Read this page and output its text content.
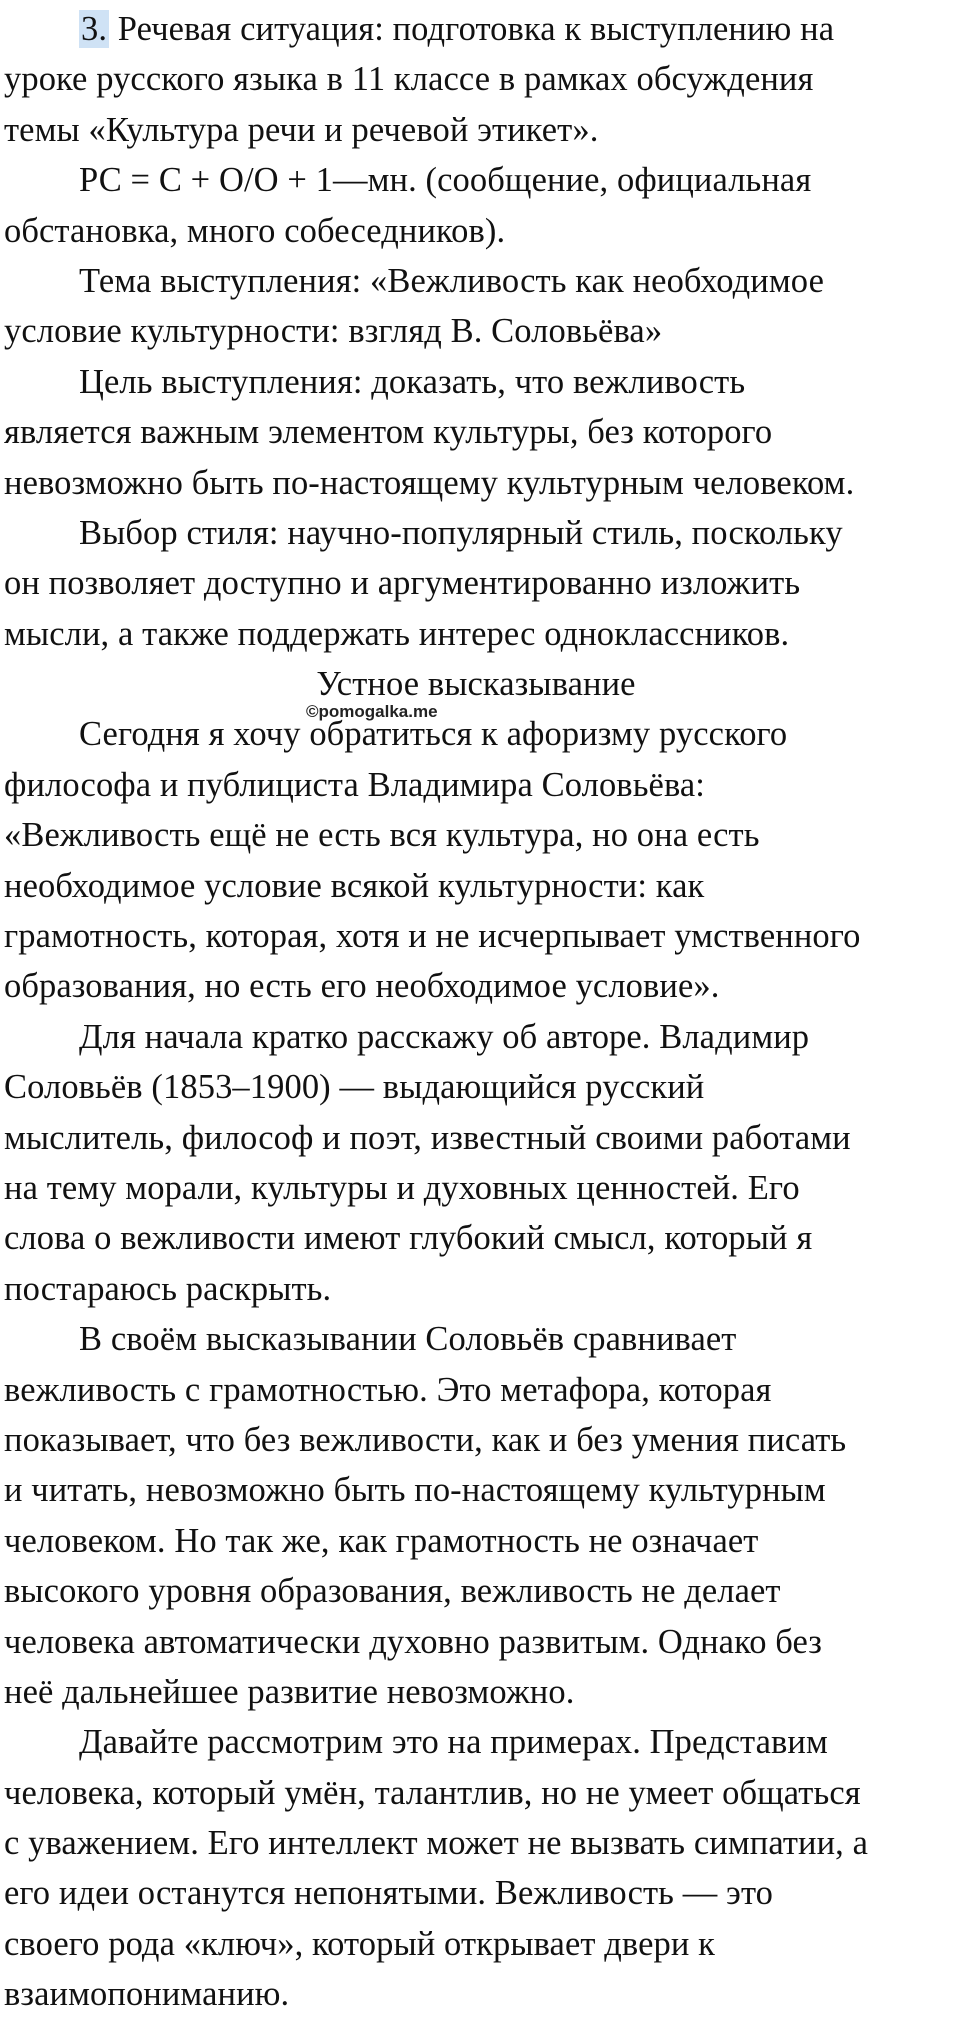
3. Речевая ситуация: подготовка к выступлению на
уроке русского языка в 11 классе в рамках обсуждения
темы «Культура речи и речевой этикет».
РС = С + О/О + 1—мн. (сообщение, официальная
обстановка, много собеседников).
Тема выступления: «Вежливость как необходимое
условие культурности: взгляд В. Соловьёва»
Цель выступления: доказать, что вежливость
является важным элементом культуры, без которого
невозможно быть по-настоящему культурным человеком.
Выбор стиля: научно-популярный стиль, поскольку
он позволяет доступно и аргументированно изложить
мысли, а также поддержать интерес одноклассников.
Устное высказывание
Сегодня я хочу обратиться к афоризму русского
философа и публициста Владимира Соловьёва:
«Вежливость ещё не есть вся культура, но она есть
необходимое условие всякой культурности: как
грамотность, которая, хотя и не исчерпывает умственного
образования, но есть его необходимое условие».
Для начала кратко расскажу об авторе. Владимир
Соловьёв (1853–1900) — выдающийся русский
мыслитель, философ и поэт, известный своими работами
на тему морали, культуры и духовных ценностей. Его
слова о вежливости имеют глубокий смысл, который я
постараюсь раскрыть.
В своём высказывании Соловьёв сравнивает
вежливость с грамотностью. Это метафора, которая
показывает, что без вежливости, как и без умения писать
и читать, невозможно быть по-настоящему культурным
человеком. Но так же, как грамотность не означает
высокого уровня образования, вежливость не делает
человека автоматически духовно развитым. Однако без
неё дальнейшее развитие невозможно.
Давайте рассмотрим это на примерах. Представим
человека, который умён, талантлив, но не умеет общаться
с уважением. Его интеллект может не вызвать симпатии, а
его идеи останутся непонятыми. Вежливость — это
своего рода «ключ», который открывает двери к
взаимопониманию.
©pomogalka.me
